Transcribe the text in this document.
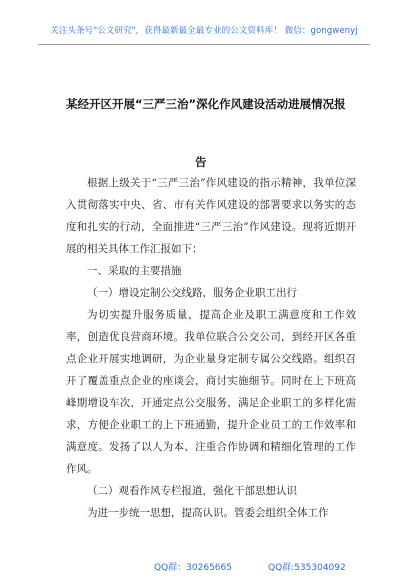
关注头条号"公文研究"，获得最新最全最专业的公文资料库！ 微信：gongwenyj
某经开区开展“三严三治”深化作风建设活动进展情况报
告

根据上级关于“三严三治”作风建设的指示精神，我单位深入贯彻落实中央、省、市有关作风建设的部署要求以务实的态度和扎实的行动，全面推进“三严三治”作风建设。现将近期开展的相关具体工作汇报如下：

一、采取的主要措施

（一）增设定制公交线路，服务企业职工出行

为切实提升服务质量，提高企业及职工满意度和工作效率，创造优良营商环境。我单位联合公交公司，到经开区各重点企业开展实地调研，为企业量身定制专属公交线路。组织召开了覆盖重点企业的座谈会，商讨实施细节。同时在上下班高峰期增设车次，开通定点公交服务，满足企业职工的多样化需求，方便企业职工的上下班通勤，提升企业员工的工作效率和满意度。发扬了以人为本、注重合作协调和精细化管理的工作作风。

（二）观看作风专栏报道，强化干部思想认识

为进一步统一思想，提高认识。管委会组织全体工作

QQ群：30265665	QQ群:535304092
